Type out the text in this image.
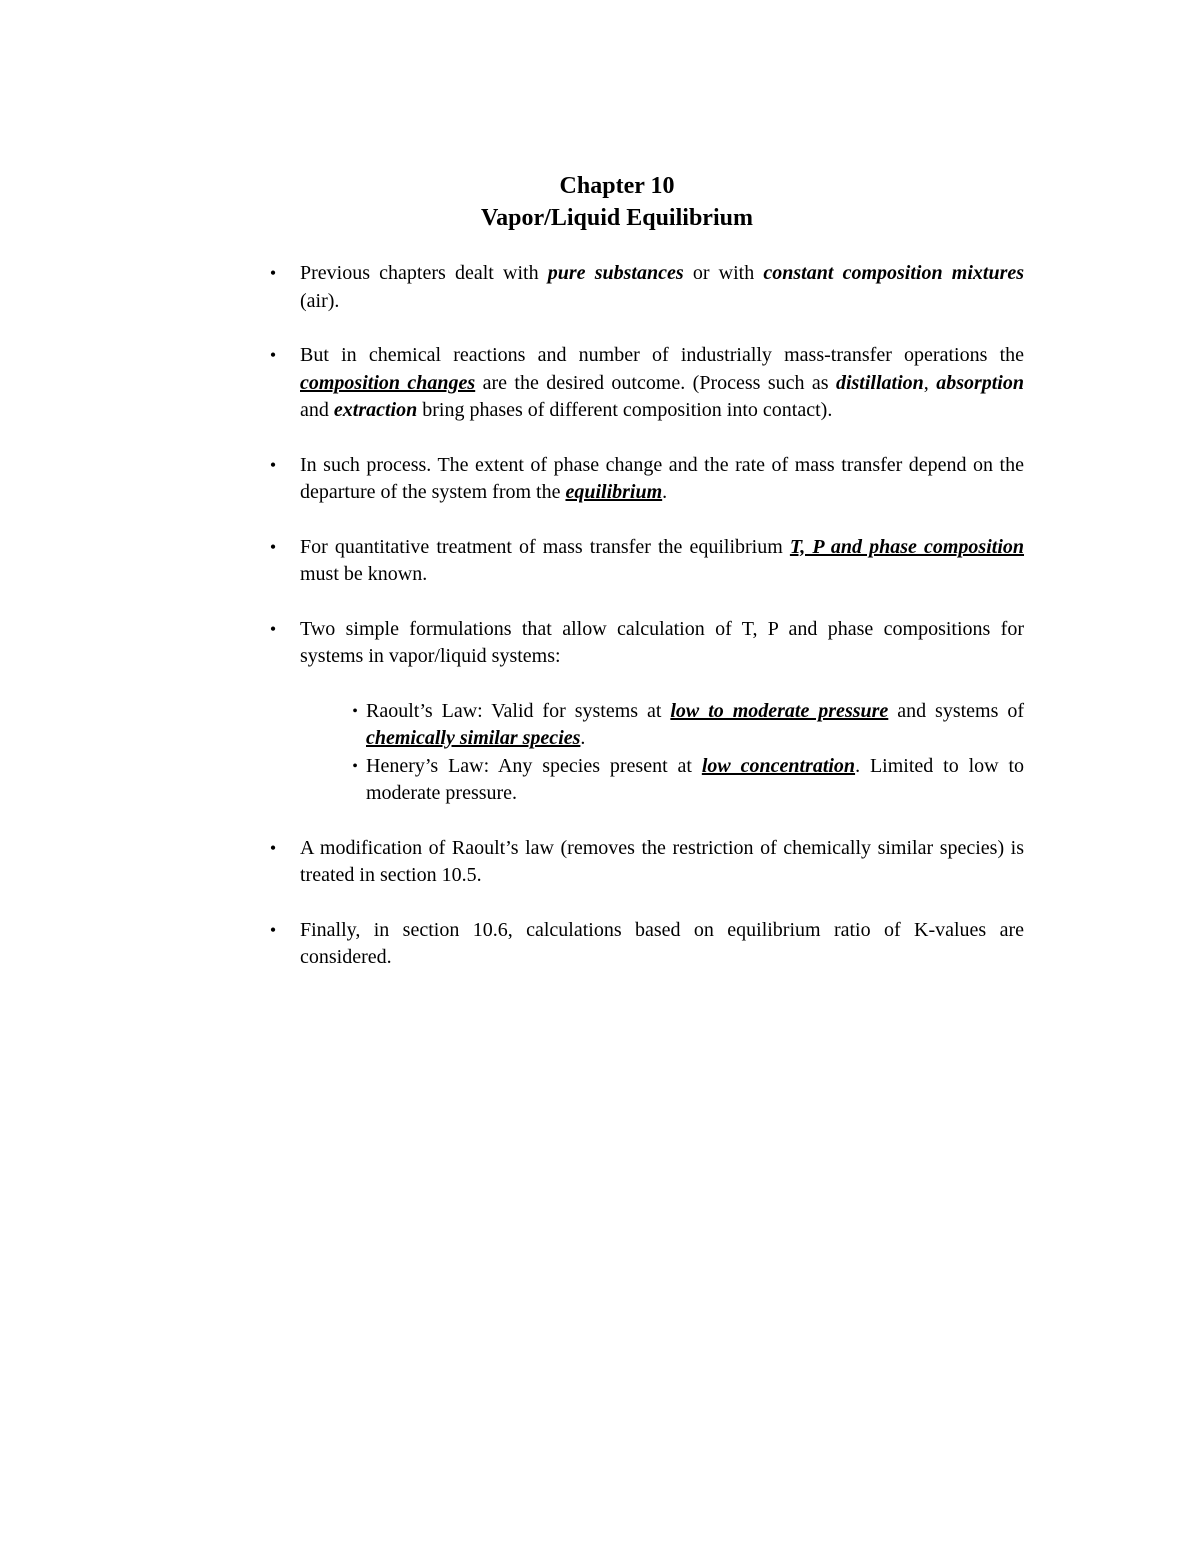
Chapter 10
Vapor/Liquid Equilibrium
• Previous chapters dealt with pure substances or with constant composition mixtures (air).
• But in chemical reactions and number of industrially mass-transfer operations the composition changes are the desired outcome. (Process such as distillation, absorption and extraction bring phases of different composition into contact).
• In such process. The extent of phase change and the rate of mass transfer depend on the departure of the system from the equilibrium.
• For quantitative treatment of mass transfer the equilibrium T, P and phase composition must be known.
• Two simple formulations that allow calculation of T, P and phase compositions for systems in vapor/liquid systems:
• Raoult’s Law: Valid for systems at low to moderate pressure and systems of chemically similar species.
• Henery’s Law: Any species present at low concentration. Limited to low to moderate pressure.
• A modification of Raoult’s law (removes the restriction of chemically similar species) is treated in section 10.5.
• Finally, in section 10.6, calculations based on equilibrium ratio of K-values are considered.
